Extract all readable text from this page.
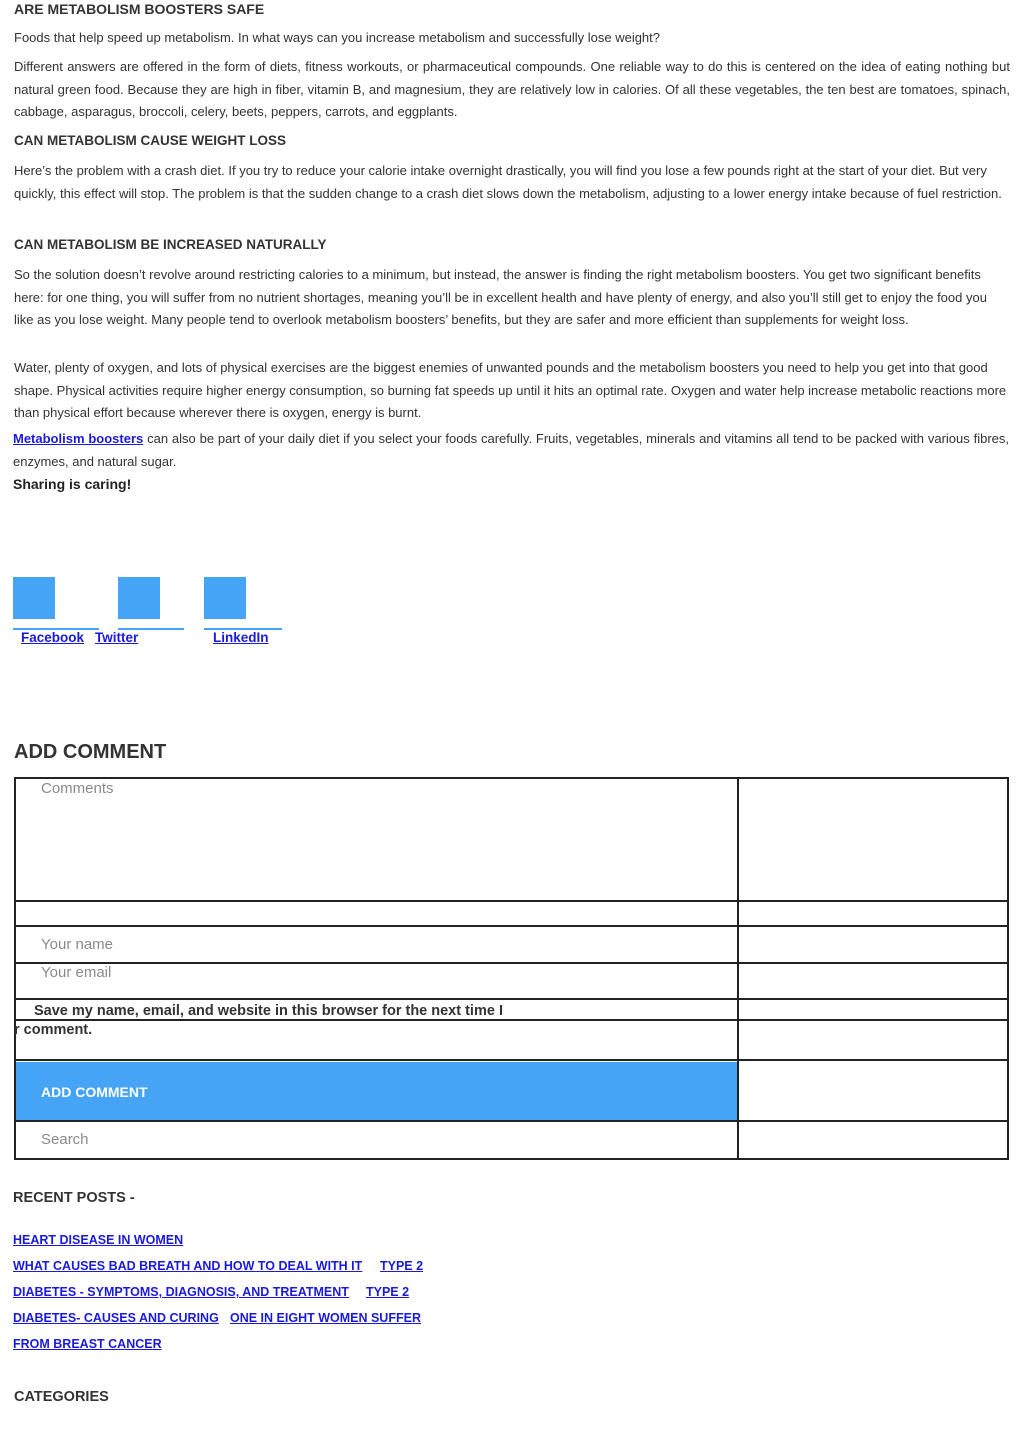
ARE METABOLISM BOOSTERS SAFE

Foods that help speed up metabolism. In what ways can you increase metabolism and successfully lose weight?

Different answers are offered in the form of diets, fitness workouts, or pharmaceutical compounds. One reliable way to do this is centered on the idea of eating nothing but natural green food. Because they are high in fiber, vitamin B, and magnesium, they are relatively low in calories. Of all these vegetables, the ten best are tomatoes, spinach, cabbage, asparagus, broccoli, celery, beets, peppers, carrots, and eggplants.

CAN METABOLISM CAUSE WEIGHT LOSS

Here’s the problem with a crash diet. If you try to reduce your calorie intake overnight drastically, you will find you lose a few pounds right at the start of your diet. But very quickly, this effect will stop. The problem is that the sudden change to a crash diet slows down the metabolism, adjusting to a lower energy intake because of fuel restriction.

CAN METABOLISM BE INCREASED NATURALLY

So the solution doesn’t revolve around restricting calories to a minimum, but instead, the answer is finding the right metabolism boosters. You get two significant benefits here: for one thing, you will suffer from no nutrient shortages, meaning you’ll be in excellent health and have plenty of energy, and also you’ll still get to enjoy the food you like as you lose weight. Many people tend to overlook metabolism boosters’ benefits, but they are safer and more efficient than supplements for weight loss.

Water, plenty of oxygen, and lots of physical exercises are the biggest enemies of unwanted pounds and the metabolism boosters you need to help you get into that good shape. Physical activities require higher energy consumption, so burning fat speeds up until it hits an optimal rate. Oxygen and water help increase metabolic reactions more than physical effort because wherever there is oxygen, energy is burnt.

Metabolism boosters can also be part of your daily diet if you select your foods carefully. Fruits, vegetables, minerals and vitamins all tend to be packed with various fibres, enzymes, and natural sugar.

Sharing is caring!
Facebook Twitter	LinkedIn
ADD COMMENT
Comments
Your name
Your email
Save my name, email, and website in this browser for the next time I
r comment.
ADD COMMENT
Search
RECENT POSTS -
HEART DISEASE IN WOMEN
WHAT CAUSES BAD BREATH AND HOW TO DEAL WITH IT TYPE 2
DIABETES - SYMPTOMS, DIAGNOSIS, AND TREATMENT TYPE 2
DIABETES- CAUSES AND CURING ONE IN EIGHT WOMEN SUFFER
FROM BREAST CANCER
CATEGORIES
